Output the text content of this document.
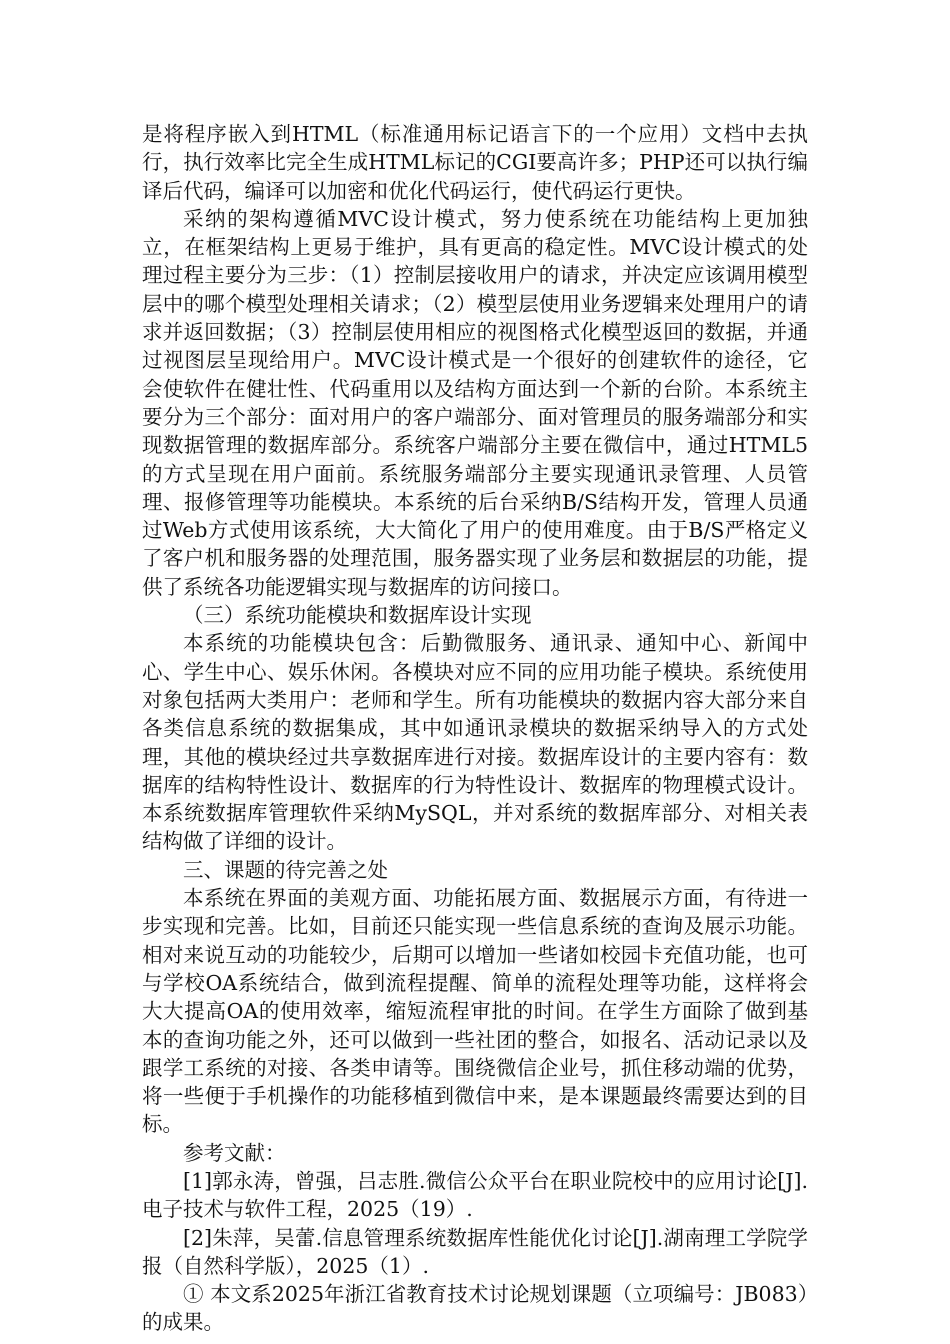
是将程序嵌入到HTML（标准通用标记语言下的一个应用）文档中去执行，执行效率比完全生成HTML标记的CGI要高许多；PHP还可以执行编译后代码，编译可以加密和优化代码运行，使代码运行更快。

采纳的架构遵循MVC设计模式，努力使系统在功能结构上更加独立，在框架结构上更易于维护，具有更高的稳定性。MVC设计模式的处理过程主要分为三步：（1）控制层接收用户的请求，并决定应该调用模型层中的哪个模型处理相关请求；（2）模型层使用业务逻辑来处理用户的请求并返回数据；（3）控制层使用相应的视图格式化模型返回的数据，并通过视图层呈现给用户。MVC设计模式是一个很好的创建软件的途径，它会使软件在健壮性、代码重用以及结构方面达到一个新的台阶。本系统主要分为三个部分：面对用户的客户端部分、面对管理员的服务端部分和实现数据管理的数据库部分。系统客户端部分主要在微信中，通过HTML5的方式呈现在用户面前。系统服务端部分主要实现通讯录管理、人员管理、报修管理等功能模块。本系统的后台采纳B/S结构开发，管理人员通过Web方式使用该系统，大大简化了用户的使用难度。由于B/S严格定义了客户机和服务器的处理范围，服务器实现了业务层和数据层的功能，提供了系统各功能逻辑实现与数据库的访问接口。

（三）系统功能模块和数据库设计实现

本系统的功能模块包含：后勤微服务、通讯录、通知中心、新闻中心、学生中心、娱乐休闲。各模块对应不同的应用功能子模块。系统使用对象包括两大类用户：老师和学生。所有功能模块的数据内容大部分来自各类信息系统的数据集成，其中如通讯录模块的数据采纳导入的方式处理，其他的模块经过共享数据库进行对接。数据库设计的主要内容有：数据库的结构特性设计、数据库的行为特性设计、数据库的物理模式设计。本系统数据库管理软件采纳MySQL，并对系统的数据库部分、对相关表结构做了详细的设计。

三、课题的待完善之处

本系统在界面的美观方面、功能拓展方面、数据展示方面，有待进一步实现和完善。比如，目前还只能实现一些信息系统的查询及展示功能。相对来说互动的功能较少，后期可以增加一些诸如校园卡充值功能，也可与学校OA系统结合，做到流程提醒、简单的流程处理等功能，这样将会大大提高OA的使用效率，缩短流程审批的时间。在学生方面除了做到基本的查询功能之外，还可以做到一些社团的整合，如报名、活动记录以及跟学工系统的对接、各类申请等。围绕微信企业号，抓住移动端的优势，将一些便于手机操作的功能移植到微信中来，是本课题最终需要达到的目标。

参考文献：

[1]郭永涛，曾强，吕志胜.微信公众平台在职业院校中的应用讨论[J].电子技术与软件工程，2025（19）.

[2]朱萍，吴蕾.信息管理系统数据库性能优化讨论[J].湖南理工学院学报（自然科学版），2025（1）.

① 本文系2025年浙江省教育技术讨论规划课题（立项编号：JB083）的成果。
